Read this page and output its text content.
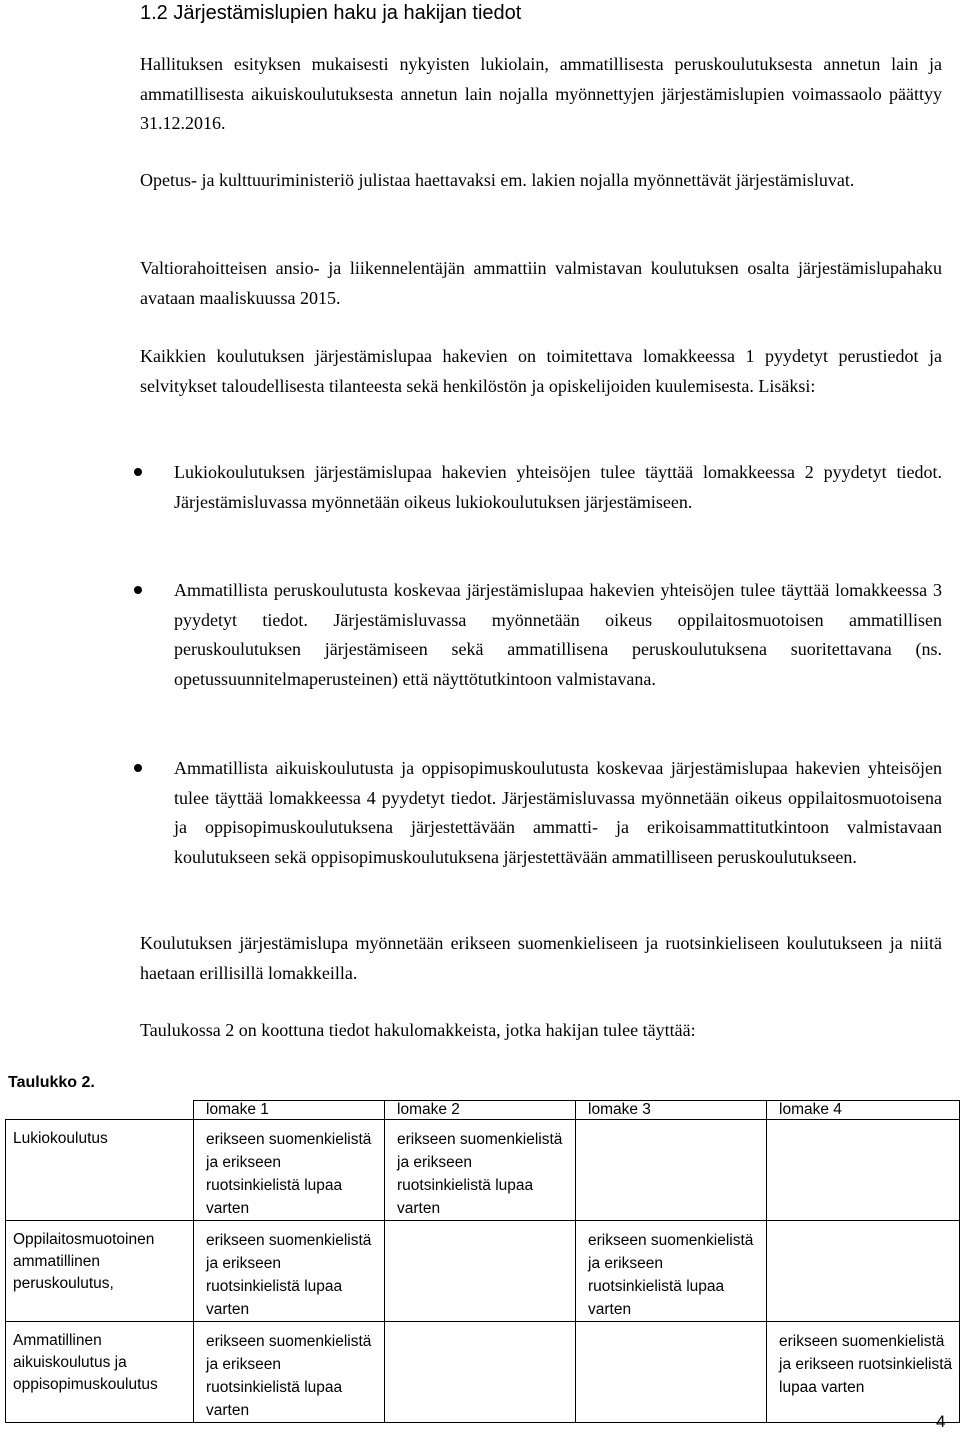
1.2 Järjestämislupien haku ja hakijan tiedot

Hallituksen esityksen mukaisesti nykyisten lukiolain, ammatillisesta peruskoulutuksesta annetun lain ja ammatillisesta aikuiskoulutuksesta annetun lain nojalla myönnettyjen järjestämislupien voimassaolo päättyy 31.12.2016.

Opetus- ja kulttuuriministeriö julistaa haettavaksi em. lakien nojalla myönnettävät järjestämisluvat.

Valtiorahoitteisen ansio- ja liikennelentäjän ammattiin valmistavan koulutuksen osalta järjestämislupahaku avataan maaliskuussa 2015.

Kaikkien koulutuksen järjestämislupaa hakevien on toimitettava lomakkeessa 1 pyydetyt perustiedot ja selvitykset taloudellisesta tilanteesta sekä henkilöstön ja opiskelijoiden kuulemisesta. Lisäksi:

Lukiokoulutuksen järjestämislupaa hakevien yhteisöjen tulee täyttää lomakkeessa 2 pyydetyt tiedot. Järjestämisluvassa myönnetään oikeus lukiokoulutuksen järjestämiseen.

Ammatillista peruskoulutusta koskevaa järjestämislupaa hakevien yhteisöjen tulee täyttää lomakkeessa 3 pyydetyt tiedot. Järjestämisluvassa myönnetään oikeus oppilaitosmuotoisen ammatillisen peruskoulutuksen järjestämiseen sekä ammatillisena peruskoulutuksena suoritettavana (ns. opetussuunnitelmaperusteinen) että näyttötutkintoon valmistavana.

Ammatillista aikuiskoulutusta ja oppisopimuskoulutusta koskevaa järjestämislupaa hakevien yhteisöjen tulee täyttää lomakkeessa 4 pyydetyt tiedot. Järjestämisluvassa myönnetään oikeus oppilaitosmuotoisena ja oppisopimuskoulutuksena järjestettävään ammatti- ja erikoisammattitutkintoon valmistavaan koulutukseen sekä oppisopimuskoulutuksena järjestettävään ammatilliseen peruskoulutukseen.

Koulutuksen järjestämislupa myönnetään erikseen suomenkieliseen ja ruotsinkieliseen koulutukseen ja niitä haetaan erillisillä lomakkeilla.

Taulukossa 2 on koottuna tiedot hakulomakkeista, jotka hakijan tulee täyttää:

Taulukko 2.
	lomake 1	lomake 2	lomake 3	lomake 4
Lukiokoulutus	erikseen suomenkielistä ja erikseen ruotsinkielistä lupaa varten	erikseen suomenkielistä ja erikseen ruotsinkielistä lupaa varten		
Oppilaitosmuotoinen ammatillinen peruskoulutus,	erikseen suomenkielistä ja erikseen ruotsinkielistä lupaa varten		erikseen suomenkielistä ja erikseen ruotsinkielistä lupaa varten	
Ammatillinen aikuiskoulutus ja oppisopimuskoulutus	erikseen suomenkielistä ja erikseen ruotsinkielistä lupaa varten			erikseen suomenkielistä ja erikseen ruotsinkielistä lupaa varten
4
